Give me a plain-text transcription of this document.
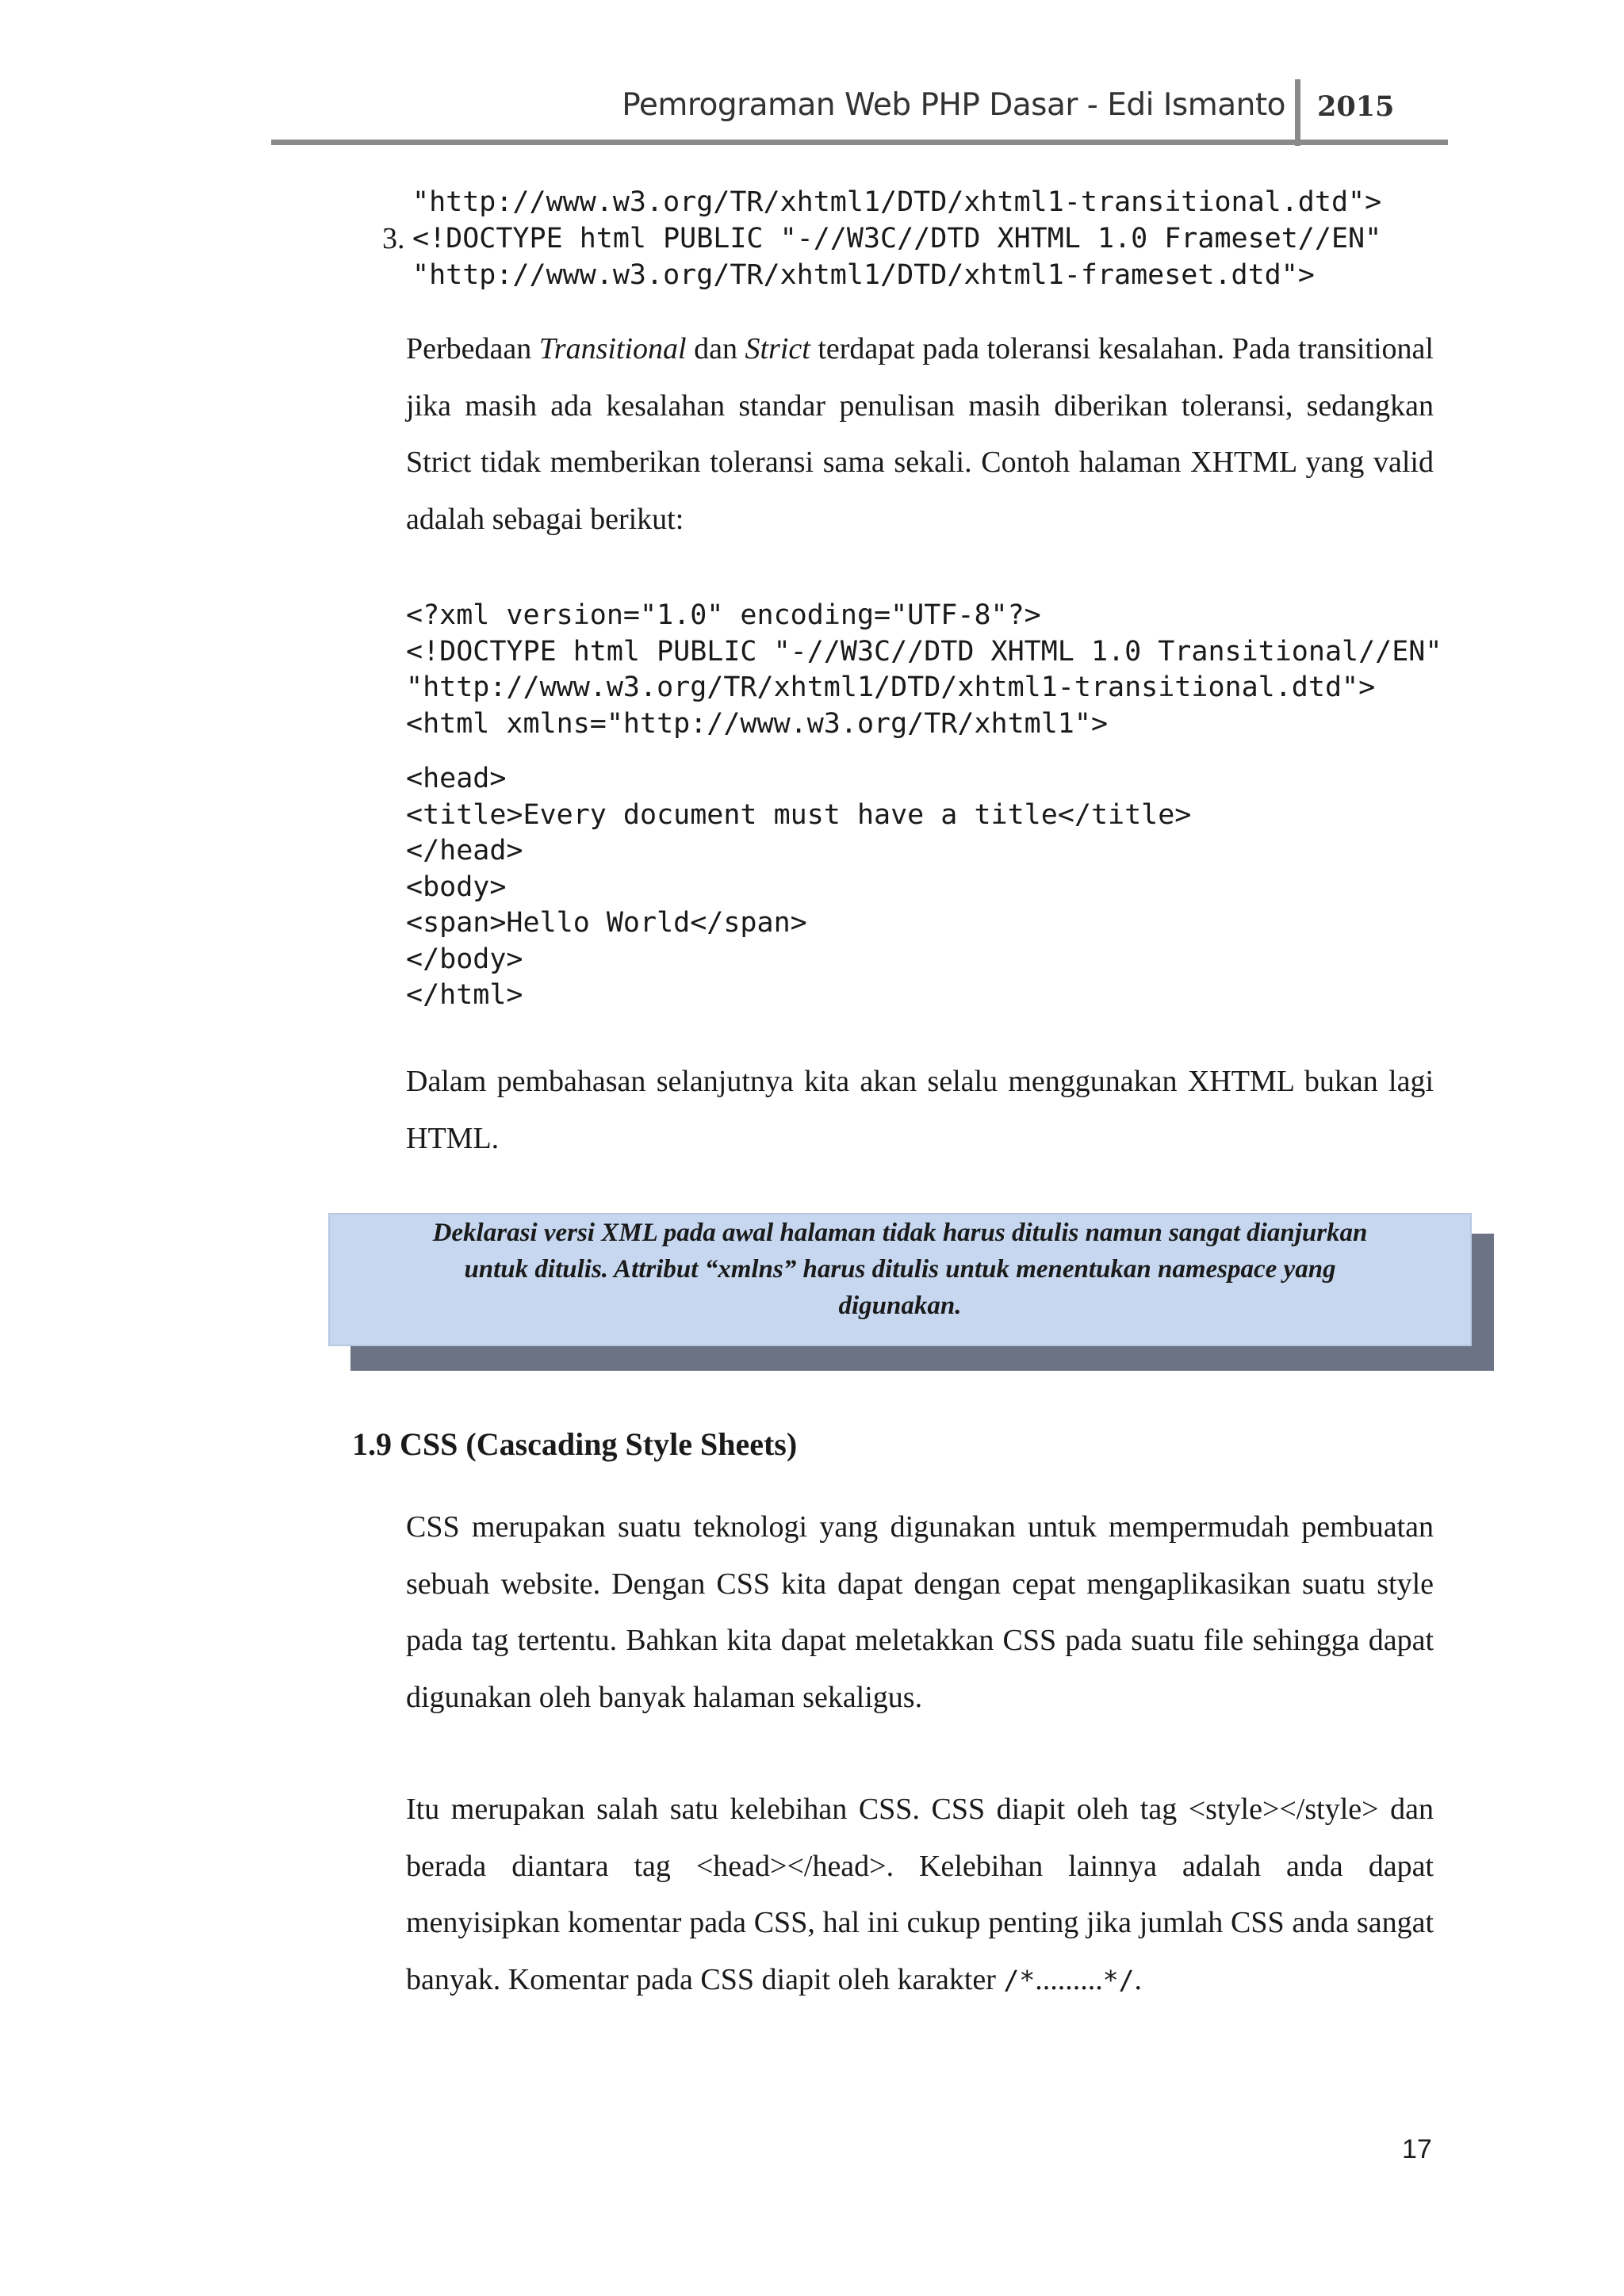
Pemrograman Web PHP Dasar - Edi Ismanto 2015
"http://www.w3.org/TR/xhtml1/DTD/xhtml1-transitional.dtd">
3. <!DOCTYPE html PUBLIC "-//W3C//DTD XHTML 1.0 Frameset//EN"
"http://www.w3.org/TR/xhtml1/DTD/xhtml1-frameset.dtd">
Perbedaan Transitional dan Strict terdapat pada toleransi kesalahan. Pada transitional jika masih ada kesalahan standar penulisan masih diberikan toleransi, sedangkan Strict tidak memberikan toleransi sama sekali. Contoh halaman XHTML yang valid adalah sebagai berikut:
<?xml version="1.0" encoding="UTF-8"?>
<!DOCTYPE html PUBLIC "-//W3C//DTD XHTML 1.0 Transitional//EN"
"http://www.w3.org/TR/xhtml1/DTD/xhtml1-transitional.dtd">
<html xmlns="http://www.w3.org/TR/xhtml1">
<head>
<title>Every document must have a title</title>
</head>
<body>
<span>Hello World</span>
</body>
</html>
Dalam pembahasan selanjutnya kita akan selalu menggunakan XHTML bukan lagi HTML.
Deklarasi versi XML pada awal halaman tidak harus ditulis namun sangat dianjurkan
untuk ditulis. Attribut “xmlns” harus ditulis untuk menentukan namespace yang
digunakan.
1.9 CSS (Cascading Style Sheets)
CSS merupakan suatu teknologi yang digunakan untuk mempermudah pembuatan sebuah website. Dengan CSS kita dapat dengan cepat mengaplikasikan suatu style pada tag tertentu. Bahkan kita dapat meletakkan CSS pada suatu file sehingga dapat digunakan oleh banyak halaman sekaligus.
Itu merupakan salah satu kelebihan CSS. CSS diapit oleh tag <style></style> dan berada diantara tag <head></head>. Kelebihan lainnya adalah anda dapat menyisipkan komentar pada CSS, hal ini cukup penting jika jumlah CSS anda sangat banyak. Komentar pada CSS diapit oleh karakter /*.........*/.
17
